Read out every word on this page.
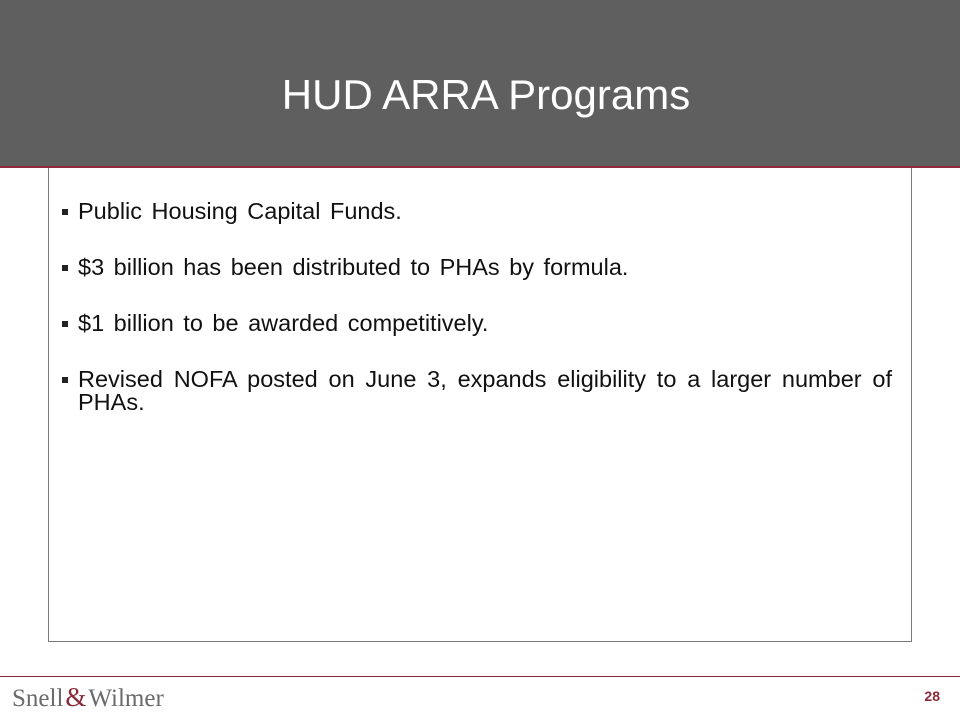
HUD ARRA Programs
Public Housing Capital Funds.
$3 billion has been distributed to PHAs by formula.
$1 billion to be awarded competitively.
Revised NOFA posted on June 3, expands eligibility to a larger number of PHAs.
Snell&Wilmer	28
